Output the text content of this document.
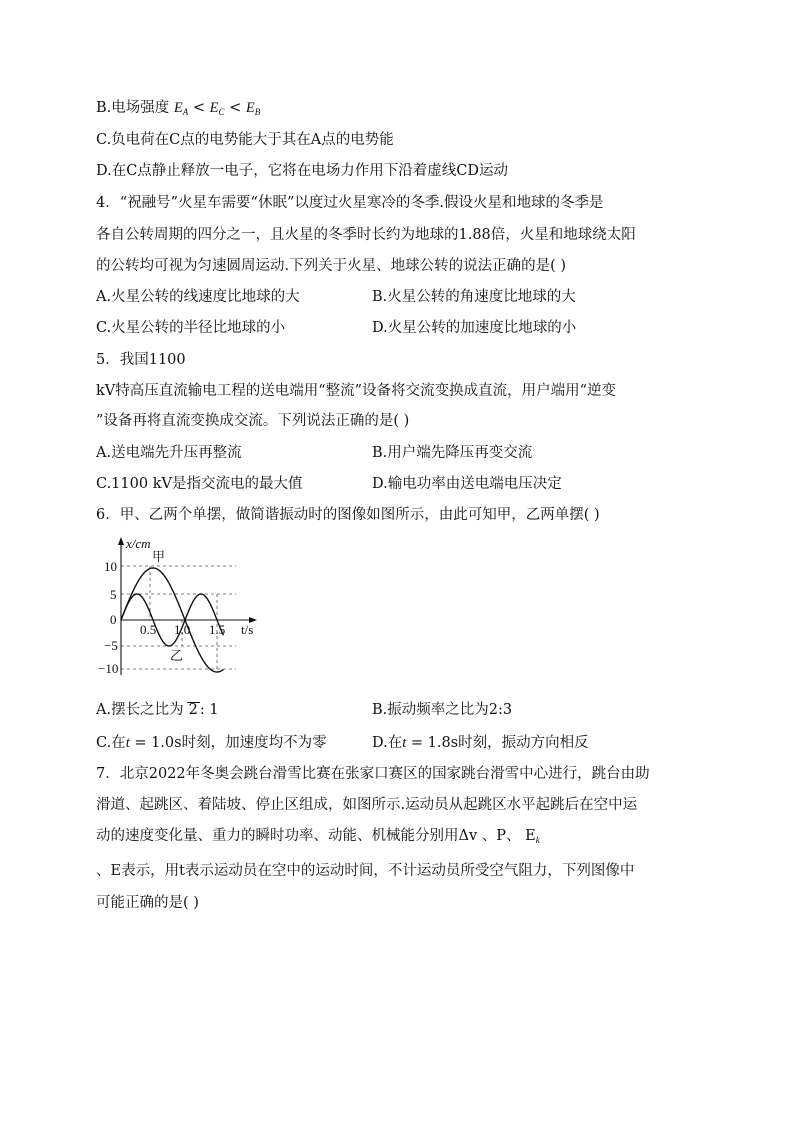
B.电场强度 $E_A < E_C < E_B$
C.负电荷在C点的电势能大于其在A点的电势能
D.在C点静止释放一电子，它将在电场力作用下沿着虚线CD运动
4．“祝融号”火星车需要“休眠”以度过火星寒冷的冬季.假设火星和地球的冬季是
各自公转周期的四分之一，且火星的冬季时长约为地球的1.88倍，火星和地球绕太阳
的公转均可视为匀速圆周运动.下列关于火星、地球公转的说法正确的是( )
A.火星公转的线速度比地球的大	B.火星公转的角速度比地球的大
C.火星公转的半径比地球的小	D.火星公转的加速度比地球的小
5．我国1100
kV特高压直流输电工程的送电端用“整流”设备将交流变换成直流，用户端用“逆变
”设备再将直流变换成交流。下列说法正确的是( )
A.送电端先升压再整流	B.用户端先降压再变交流
C.1100 kV是指交流电的最大值	D.输电功率由送电端电压决定
6．甲、乙两个单摆，做简谐振动时的图像如图所示，由此可知甲，乙两单摆( )
x/cm
t/s
甲
乙
10
5
0
−5
−10
0.5 1.0 1.5
A.摆长之比为 2 : 1	B.振动频率之比为2:3
C.在t = 1.0s时刻，加速度均不为零	D.在t = 1.8s时刻，振动方向相反
7．北京2022年冬奥会跳台滑雪比赛在张家口赛区的国家跳台滑雪中心进行，跳台由助
滑道、起跳区、着陆坡、停止区组成，如图所示.运动员从起跳区水平起跳后在空中运
动的速度变化量、重力的瞬时功率、动能、机械能分别用Δv 、P、 $E_k$
、E表示，用t表示运动员在空中的运动时间，不计运动员所受空气阻力，下列图像中
可能正确的是( )
